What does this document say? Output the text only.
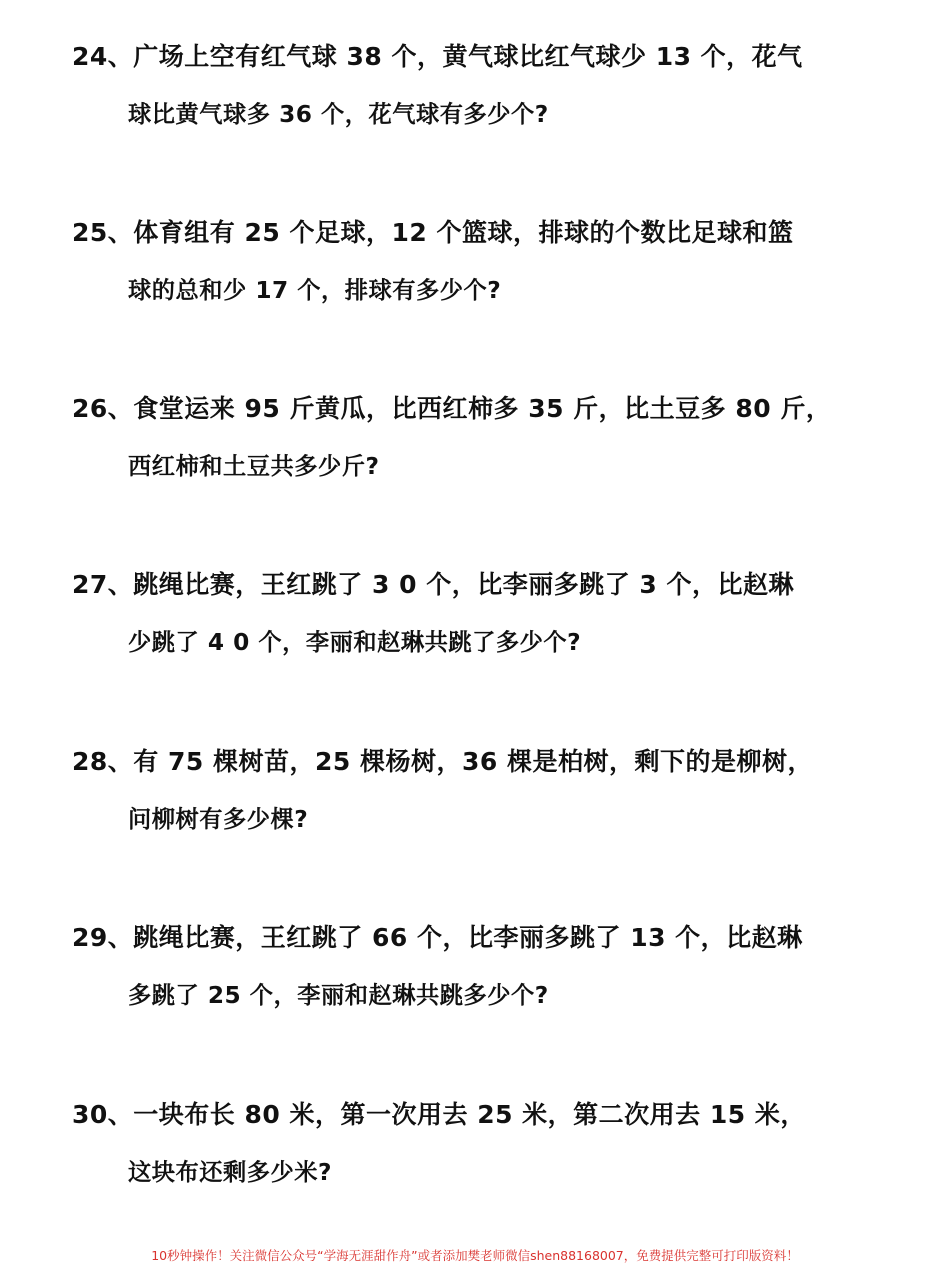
24、广场上空有红气球 38 个，黄气球比红气球少 13 个，花气
球比黄气球多 36 个，花气球有多少个?
25、体育组有 25 个足球，12 个篮球，排球的个数比足球和篮
球的总和少 17 个，排球有多少个?
26、食堂运来 95 斤黄瓜，比西红柿多 35 斤，比土豆多 80 斤，
西红柿和土豆共多少斤?
27、跳绳比赛，王红跳了 3 0 个，比李丽多跳了 3 个，比赵琳
少跳了 4 0 个，李丽和赵琳共跳了多少个?
28、有 75 棵树苗，25 棵杨树，36 棵是柏树，剩下的是柳树，
问柳树有多少棵?
29、跳绳比赛，王红跳了 66 个，比李丽多跳了 13 个，比赵琳
多跳了 25 个，李丽和赵琳共跳多少个?
30、一块布长 80 米，第一次用去 25 米，第二次用去 15 米，
这块布还剩多少米?
10秒钟操作！关注微信公众号“学海无涯甜作舟”或者添加樊老师微信shen88168007，免费提供完整可打印版资料！
